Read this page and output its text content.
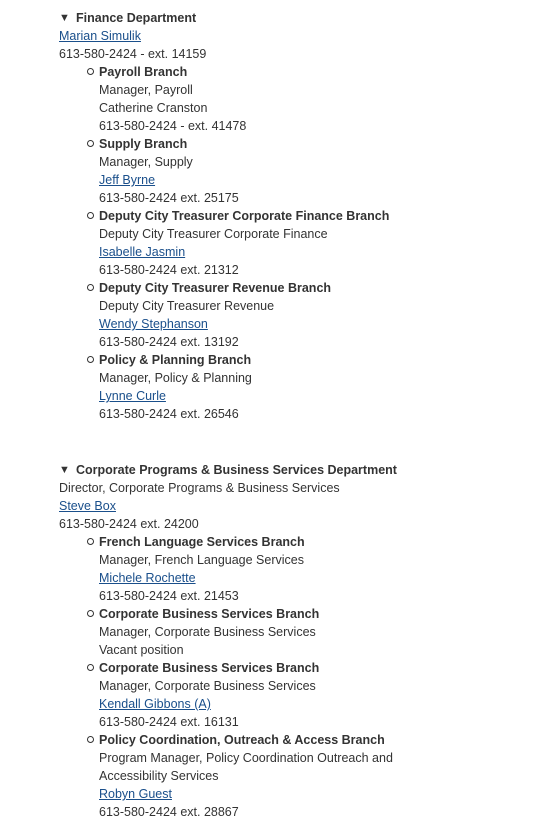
▼ Finance Department
Marian Simulik
613-580-2424 - ext. 14159
Payroll Branch
Manager, Payroll
Catherine Cranston
613-580-2424 - ext. 41478
Supply Branch
Manager, Supply
Jeff Byrne
613-580-2424 ext. 25175
Deputy City Treasurer Corporate Finance Branch
Deputy City Treasurer Corporate Finance
Isabelle Jasmin
613-580-2424 ext. 21312
Deputy City Treasurer Revenue Branch
Deputy City Treasurer Revenue
Wendy Stephanson
613-580-2424 ext. 13192
Policy & Planning Branch
Manager, Policy & Planning
Lynne Curle
613-580-2424 ext. 26546
▼ Corporate Programs & Business Services Department
Director, Corporate Programs & Business Services
Steve Box
613-580-2424 ext. 24200
French Language Services Branch
Manager, French Language Services
Michele Rochette
613-580-2424 ext. 21453
Corporate Business Services Branch
Manager, Corporate Business Services
Vacant position
Corporate Business Services Branch
Manager, Corporate Business Services
Kendall Gibbons (A)
613-580-2424 ext. 16131
Policy Coordination, Outreach & Access Branch
Program Manager, Policy Coordination Outreach and Accessibility Services
Robyn Guest
613-580-2424 ext. 28867
